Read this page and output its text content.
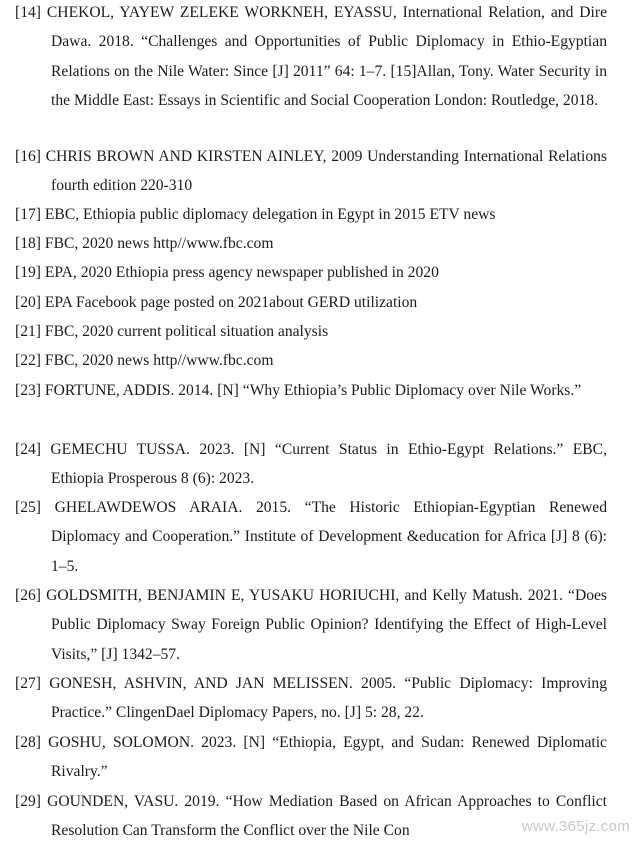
[14] CHEKOL, YAYEW ZELEKE WORKNEH, EYASSU, International Relation, and Dire Dawa. 2018. “Challenges and Opportunities of Public Diplomacy in Ethio-Egyptian Relations on the Nile Water: Since [J] 2011” 64: 1–7. [15]Allan, Tony. Water Security in the Middle East: Essays in Scientific and Social Cooperation London: Routledge, 2018.

[16] CHRIS BROWN AND KIRSTEN AINLEY, 2009 Understanding International Relations fourth edition 220-310

[17] EBC, Ethiopia public diplomacy delegation in Egypt in 2015 ETV news

[18] FBC, 2020 news http//www.fbc.com

[19] EPA, 2020 Ethiopia press agency newspaper published in 2020

[20] EPA Facebook page posted on 2021about GERD utilization

[21] FBC, 2020 current political situation analysis

[22] FBC, 2020 news http//www.fbc.com

[23] FORTUNE, ADDIS. 2014. [N] “Why Ethiopia’s Public Diplomacy over Nile Works.”

[24] GEMECHU TUSSA. 2023. [N] “Current Status in Ethio-Egypt Relations.” EBC, Ethiopia Prosperous 8 (6): 2023.

[25] GHELAWDEWOS ARAIA. 2015. “The Historic Ethiopian-Egyptian Renewed Diplomacy and Cooperation.” Institute of Development &education for Africa [J] 8 (6): 1–5.

[26] GOLDSMITH, BENJAMIN E, YUSAKU HORIUCHI, and Kelly Matush. 2021. “Does Public Diplomacy Sway Foreign Public Opinion? Identifying the Effect of High-Level Visits,” [J] 1342–57.

[27] GONESH, ASHVIN, AND JAN MELISSEN. 2005. “Public Diplomacy: Improving Practice.” ClingenDael Diplomacy Papers, no. [J] 5: 28, 22.

[28] GOSHU, SOLOMON. 2023. [N] “Ethiopia, Egypt, and Sudan: Renewed Diplomatic Rivalry.”

[29] GOUNDEN, VASU. 2019. “How Mediation Based on African Approaches to Conflict Resolution Can Transform the Conflict over the Nile Con	www.365jz.com
